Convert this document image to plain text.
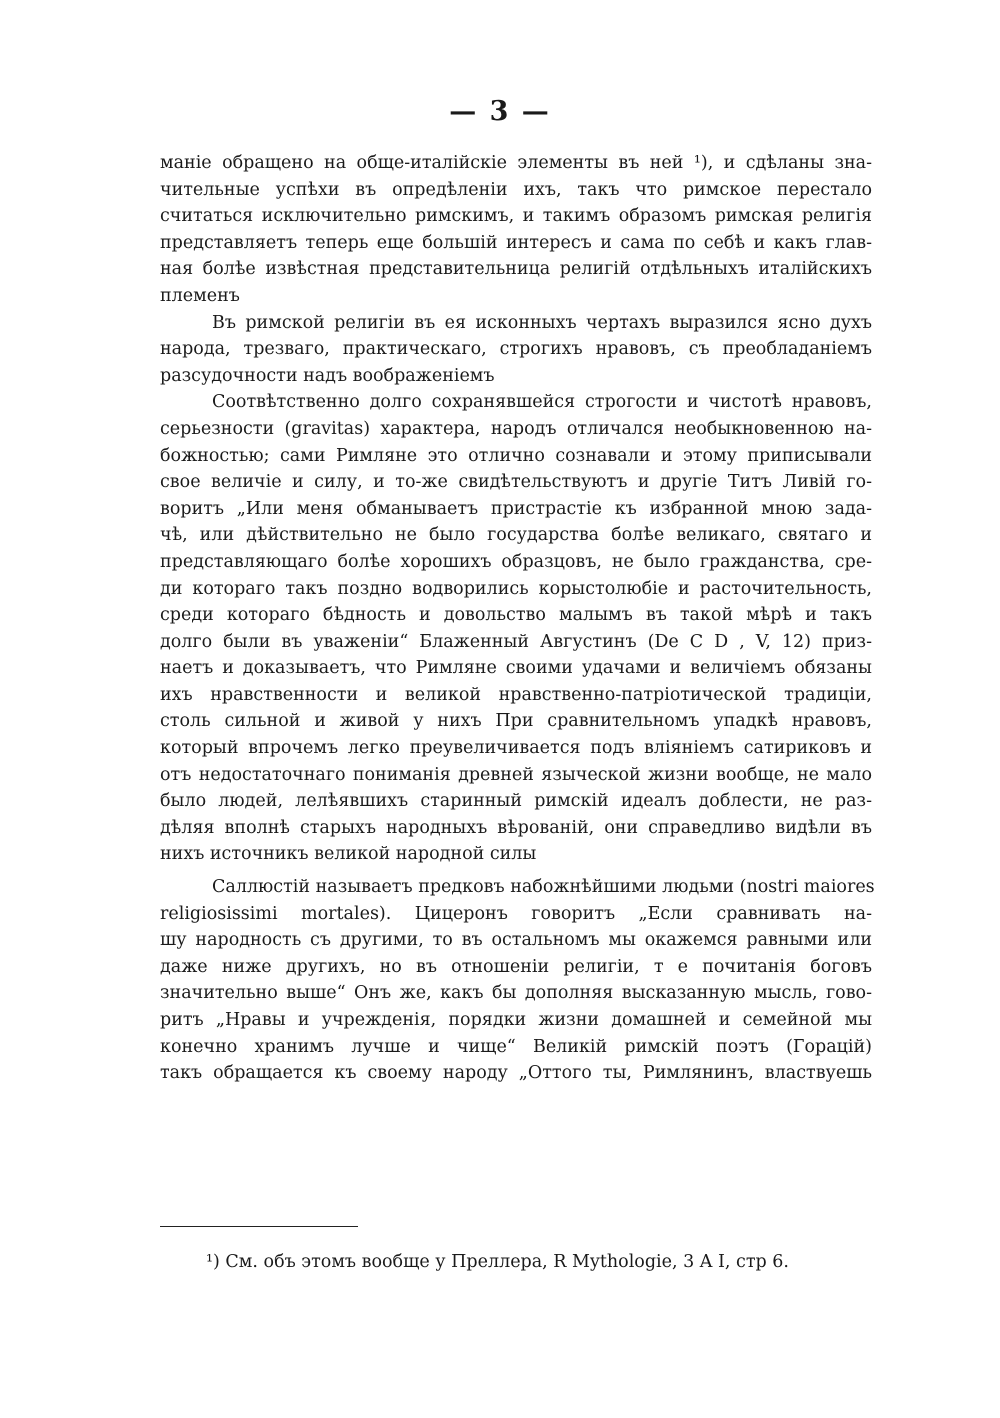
— 3 —
маніе обращено на обще-италійскіе элементы въ ней ¹), и сдѣланы зна-
чительные успѣхи въ опредѣленіи ихъ, такъ что римское перестало
считаться исключительно римскимъ, и такимъ образомъ римская религія
представляетъ теперь еще большій интересъ и сама по себѣ и какъ глав-
ная болѣе извѣстная представительница религій отдѣльныхъ италійскихъ
племенъ
Въ римской религіи въ ея исконныхъ чертахъ выразился ясно духъ
народа, трезваго, практическаго, строгихъ нравовъ, съ преобладаніемъ
разсудочности надъ воображеніемъ
Соотвѣтственно долго сохранявшейся строгости и чистотѣ нравовъ,
серьезности (gravitas) характера, народъ отличался необыкновенною на-
божностью; сами Римляне это отлично сознавали и этому приписывали
свое величіе и силу, и то-же свидѣтельствуютъ и другіе Титъ Ливій го-
воритъ „Или меня обманываетъ пристрастіе къ избранной мною зада-
чѣ, или дѣйствительно не было государства болѣе великаго, святаго и
представляющаго болѣе хорошихъ образцовъ, не было гражданства, сре-
ди котораго такъ поздно водворились корыстолюбіе и расточительность,
среди котораго бѣдность и довольство малымъ въ такой мѣрѣ и такъ
долго были въ уваженіи“ Блаженный Августинъ (De C D , V, 12) приз-
наетъ и доказываетъ, что Римляне своими удачами и величіемъ обязаны
ихъ нравственности и великой нравственно-патріотической традиціи,
столь сильной и живой у нихъ При сравнительномъ упадкѣ нравовъ,
который впрочемъ легко преувеличивается подъ вліяніемъ сатириковъ и
отъ недостаточнаго пониманія древней языческой жизни вообще, не мало
было людей, лелѣявшихъ старинный римскій идеалъ доблести, не раз-
дѣляя вполнѣ старыхъ народныхъ вѣрованій, они справедливо видѣли въ
нихъ источникъ великой народной силы
Саллюстій называетъ предковъ набожнѣйшими людьми (nostri maiores
religiosissimi mortales). Цицеронъ говоритъ „Если сравнивать на-
шу народность съ другими, то въ остальномъ мы окажемся равными или
даже ниже другихъ, но въ отношеніи религіи, т е почитанія боговъ
значительно выше“ Онъ же, какъ бы дополняя высказанную мысль, гово-
ритъ „Нравы и учрежденія, порядки жизни домашней и семейной мы
конечно хранимъ лучше и чище“ Великій римскій поэтъ (Горацій)
такъ обращается къ своему народу „Оттого ты, Римлянинъ, властвуешь
¹) См. объ этомъ вообще у Преллера, R Mythologie, 3 A I, стр 6.
